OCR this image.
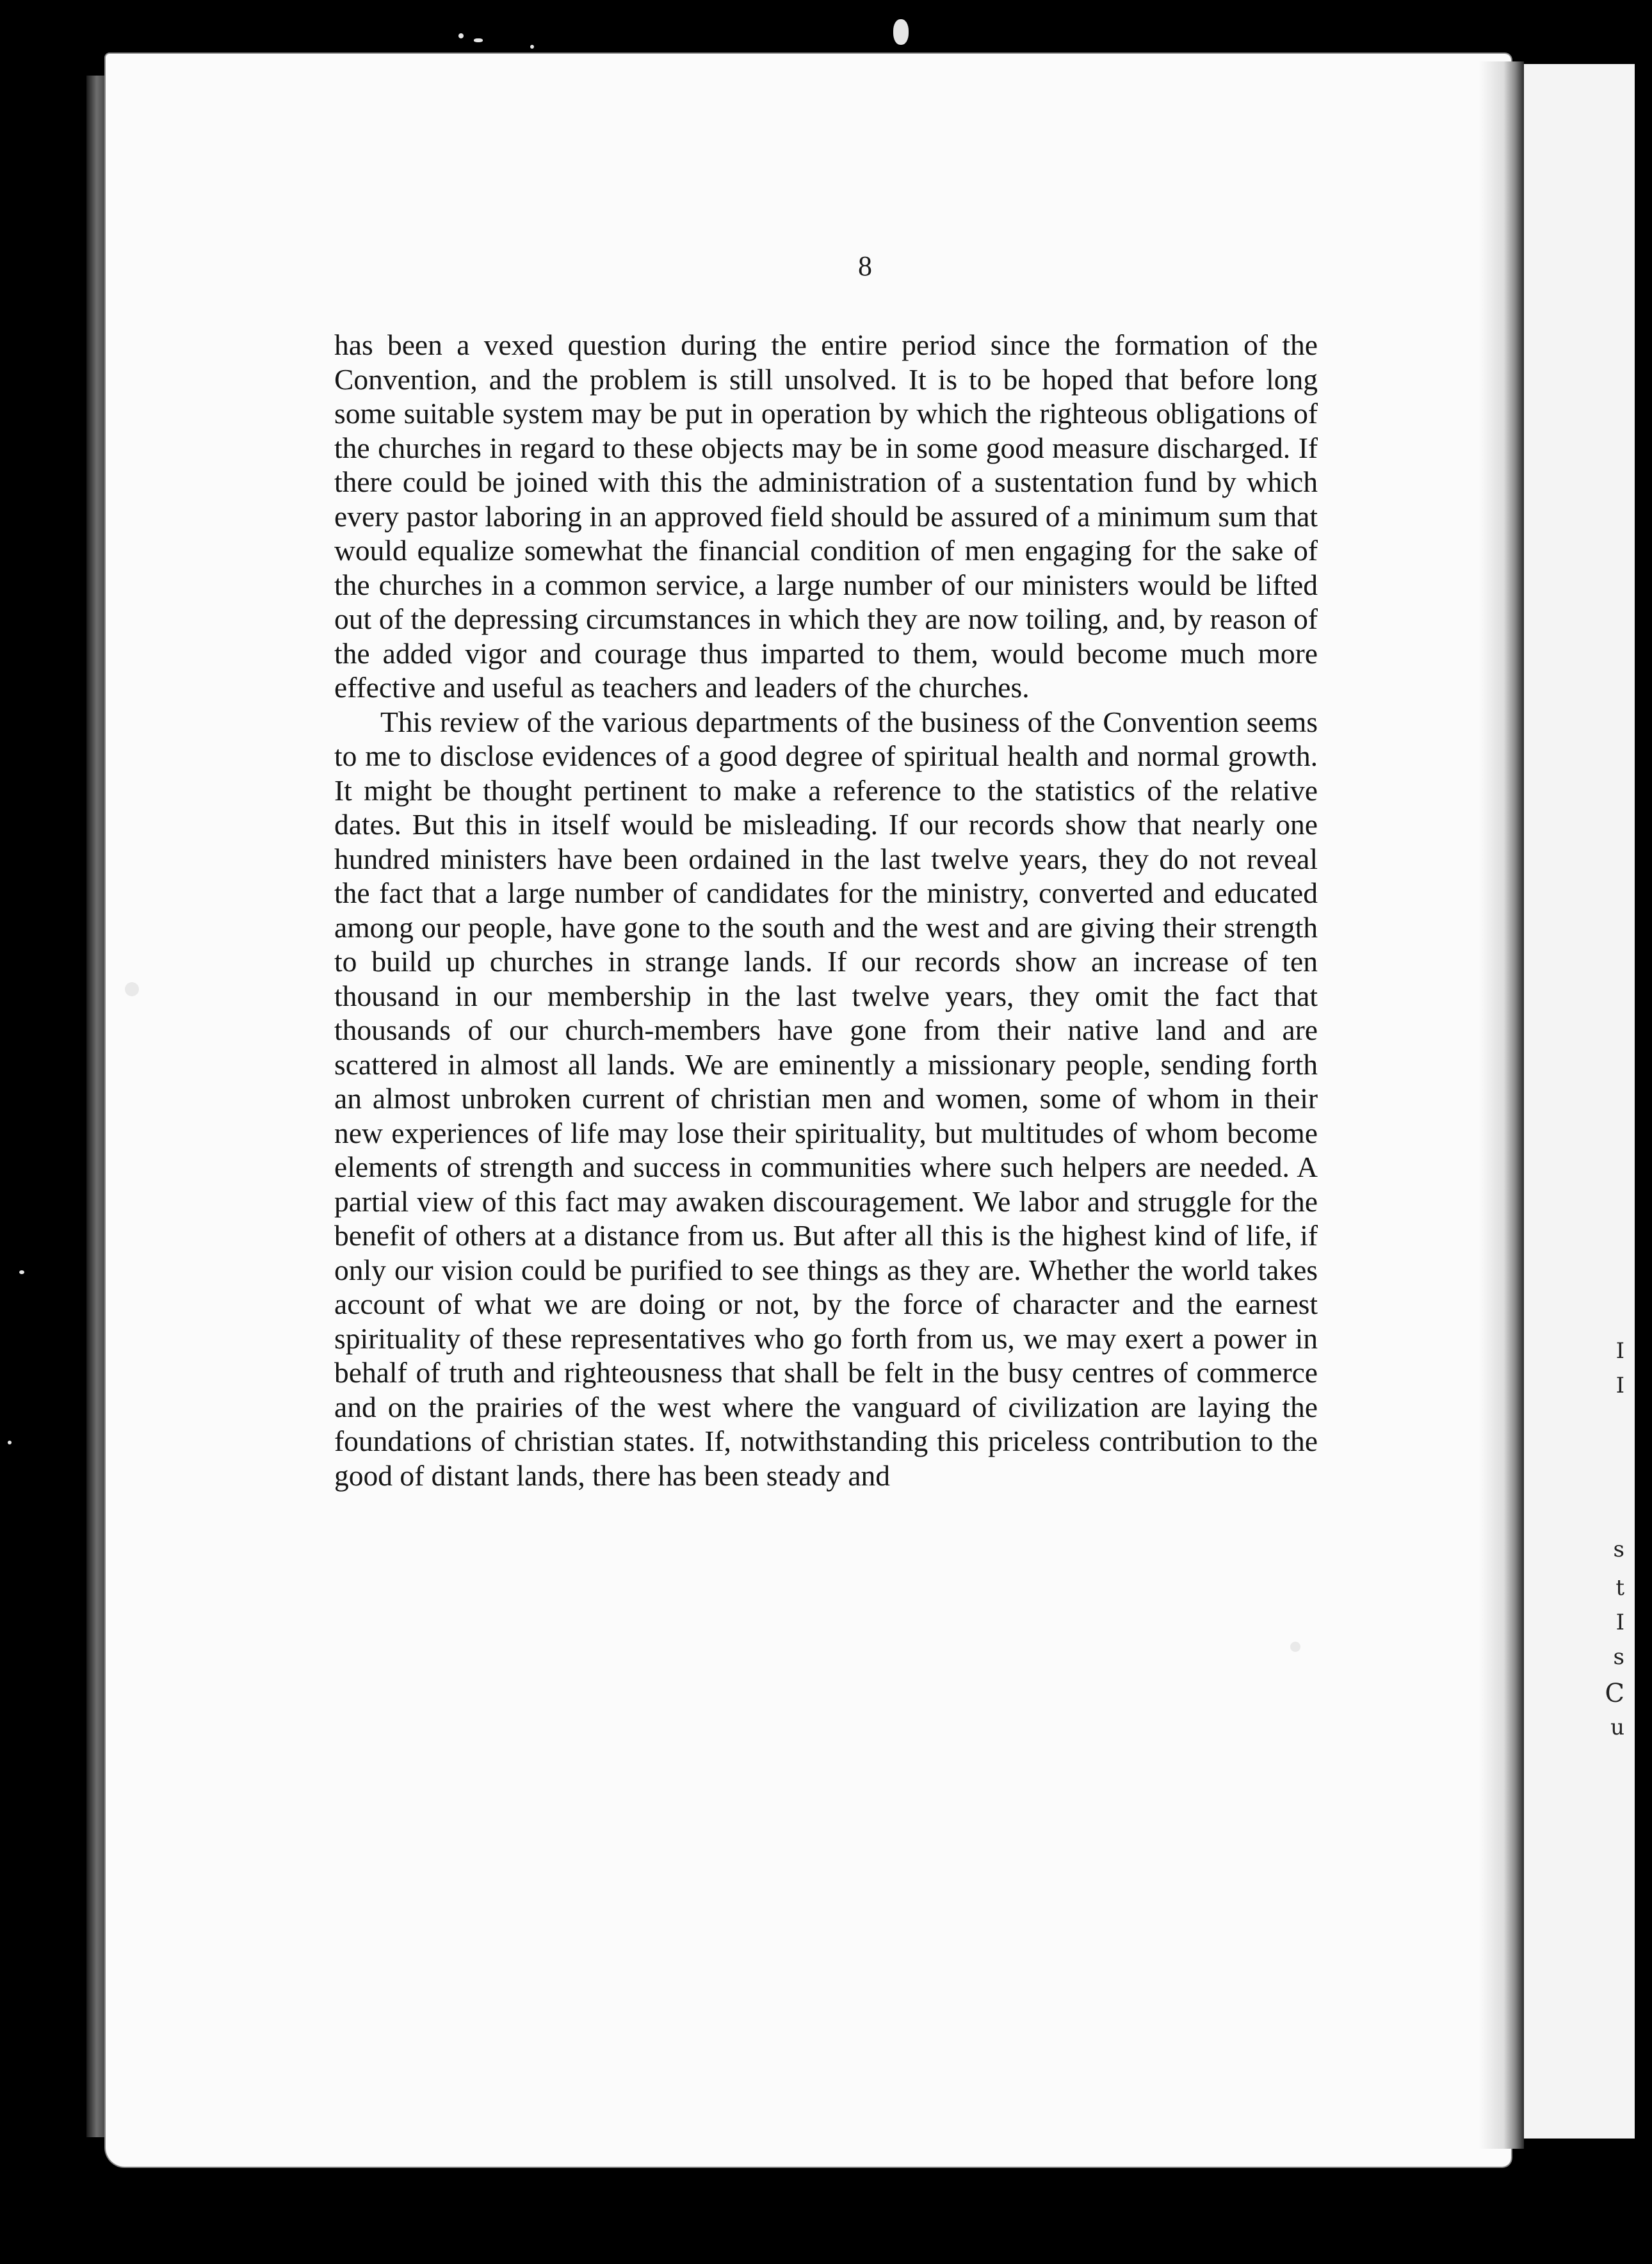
I
I
s
t
I
s
C
u
8

has been a vexed question during the entire period since the formation of the Convention, and the problem is still unsolved. It is to be hoped that before long some suitable system may be put in operation by which the righteous obligations of the churches in regard to these objects may be in some good measure discharged. If there could be joined with this the administration of a sustentation fund by which every pastor laboring in an approved field should be assured of a minimum sum that would equalize somewhat the financial condition of men engaging for the sake of the churches in a common service, a large number of our ministers would be lifted out of the depressing circumstances in which they are now toiling, and, by reason of the added vigor and courage thus imparted to them, would become much more effective and useful as teachers and leaders of the churches.

This review of the various departments of the business of the Convention seems to me to disclose evidences of a good degree of spiritual health and normal growth. It might be thought pertinent to make a reference to the statistics of the relative dates. But this in itself would be misleading. If our records show that nearly one hundred ministers have been ordained in the last twelve years, they do not reveal the fact that a large number of candidates for the ministry, converted and educated among our people, have gone to the south and the west and are giving their strength to build up churches in strange lands. If our records show an increase of ten thousand in our membership in the last twelve years, they omit the fact that thousands of our church-members have gone from their native land and are scattered in almost all lands. We are eminently a missionary people, sending forth an almost unbroken current of christian men and women, some of whom in their new experiences of life may lose their spirituality, but multitudes of whom become elements of strength and success in communities where such helpers are needed. A partial view of this fact may awaken discouragement. We labor and struggle for the benefit of others at a distance from us. But after all this is the highest kind of life, if only our vision could be purified to see things as they are. Whether the world takes account of what we are doing or not, by the force of character and the earnest spirituality of these representatives who go forth from us, we may exert a power in behalf of truth and righteousness that shall be felt in the busy centres of commerce and on the prairies of the west where the vanguard of civilization are laying the foundations of christian states. If, notwithstanding this priceless contribution to the good of distant lands, there has been steady and
